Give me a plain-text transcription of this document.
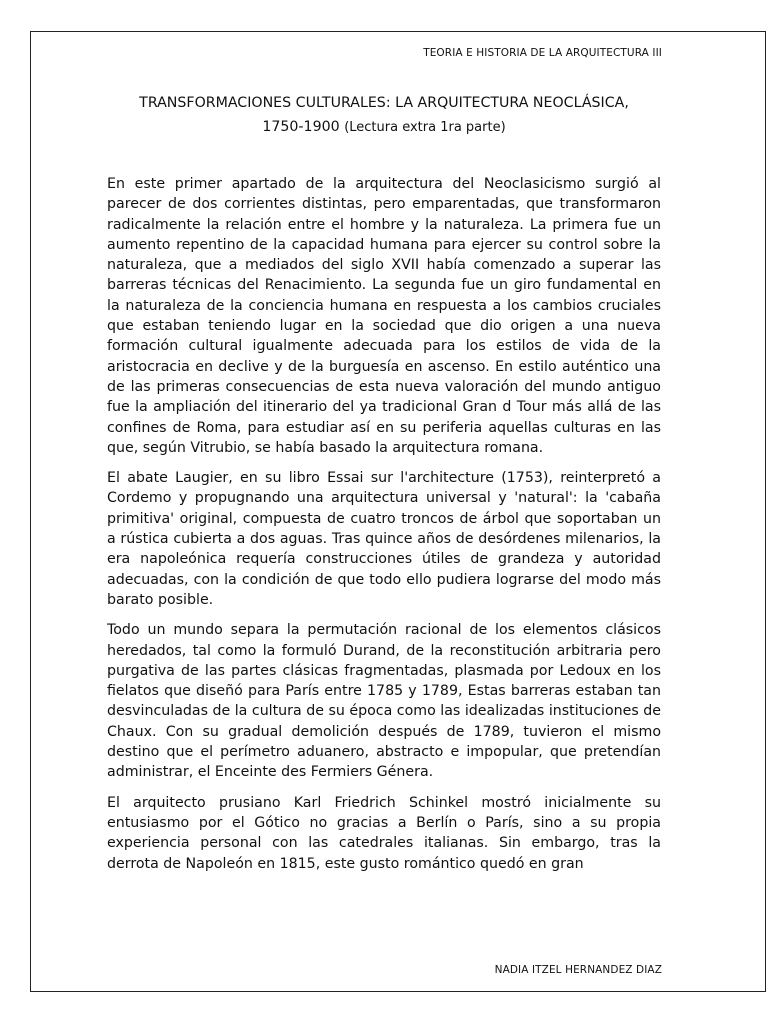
TEORIA E HISTORIA DE LA ARQUITECTURA III
TRANSFORMACIONES CULTURALES: LA ARQUITECTURA NEOCLÁSICA,
1750-1900 (Lectura extra 1ra parte)

En este primer apartado de la arquitectura del Neoclasicismo surgió al parecer de dos corrientes distintas, pero emparentadas, que transformaron radicalmente la relación entre el hombre y la naturaleza. La primera fue un aumento repentino de la capacidad humana para ejercer su control sobre la naturaleza, que a mediados del siglo XVII había comenzado a superar las barreras técnicas del Renacimiento. La segunda fue un giro fundamental en la naturaleza de la conciencia humana en respuesta a los cambios cruciales que estaban teniendo lugar en la sociedad que dio origen a una nueva formación cultural igualmente adecuada para los estilos de vida de la aristocracia en declive y de la burguesía en ascenso. En estilo auténtico una de las primeras consecuencias de esta nueva valoración del mundo antiguo fue la ampliación del itinerario del ya tradicional Gran d Tour más allá de las confines de Roma, para estudiar así en su periferia aquellas culturas en las que, según Vitrubio, se había basado la arquitectura romana.

El abate Laugier, en su libro Essai sur l'architecture (1753), reinterpretó a Cordemo y propugnando una arquitectura universal y 'natural': la 'cabaña primitiva' original, compuesta de cuatro troncos de árbol que soportaban un a rústica cubierta a dos aguas. Tras quince años de desórdenes milenarios, la era napoleónica requería construcciones útiles de grandeza y autoridad adecuadas, con la condición de que todo ello pudiera lograrse del modo más barato posible.

Todo un mundo separa la permutación racional de los elementos clásicos heredados, tal como la formuló Durand, de la reconstitución arbitraria pero purgativa de las partes clásicas fragmentadas, plasmada por Ledoux en los fielatos que diseñó para París entre 1785 y 1789, Estas barreras estaban tan desvinculadas de la cultura de su época como las idealizadas instituciones de Chaux. Con su gradual demolición después de 1789, tuvieron el mismo destino que el perímetro aduanero, abstracto e impopular, que pretendían administrar, el Enceinte des Fermiers Génera.

El arquitecto prusiano Karl Friedrich Schinkel mostró inicialmente su entusiasmo por el Gótico no gracias a Berlín o París, sino a su propia experiencia personal con las catedrales italianas. Sin embargo, tras la derrota de Napoleón en 1815, este gusto romántico quedó en gran

NADIA ITZEL HERNANDEZ DIAZ
